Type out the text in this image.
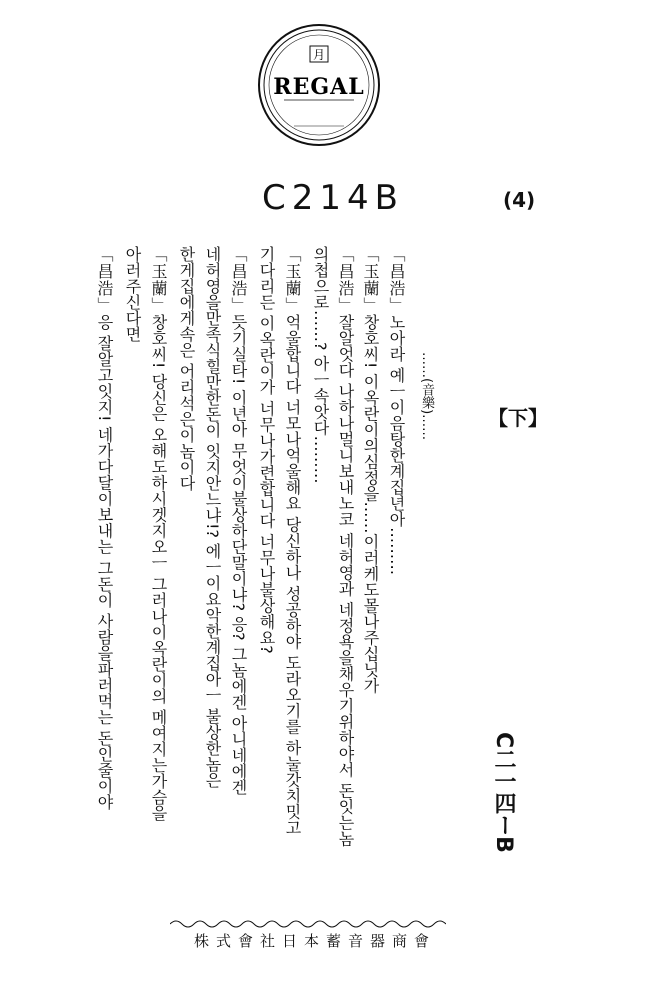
月
REGAL
C214B	(4)
……(音樂)……	【下】
C二一四ーB
「昌浩」노아라 예ㅡ이음탕한계집년아………
「玉蘭」창호씨! 이옥란이의심정을……이러케도몰나주십닛가
「昌浩」잘알엇다 나하나멀니보내노코 네허영과 네정욕을채우기위하야서 돈잇는놈
의첩으로……? 아ㅡ속앗다………
「玉蘭」억울합니다 너모나억울해요 당신하나 성공하야 도라오기를 하눌갓치밋고
기다리든 이옥란이가 너무나가련합니다 너무나불상해요?
「昌浩」듯기실타! 이년아 무엇이불상하단말이냐? 응? 그놈에겐 아니네에겐
네허영을만족식힐만한돈이 잇지안느냐!? 에ㅡ이요악한계집아ㅡ 불상한놈은
한게집에게속은 어리석은이놈이다
「玉蘭」창호씨! 당신은 오해도하시겟지오ㅡ 그러나이옥란이의 메여지는가슴을
아러주신다면
「昌浩」응 잘알고잇지! 네가다달이보내는 그돈이 사람을파러먹는 돈인줄이야
株式會社日本蓄音器商會
